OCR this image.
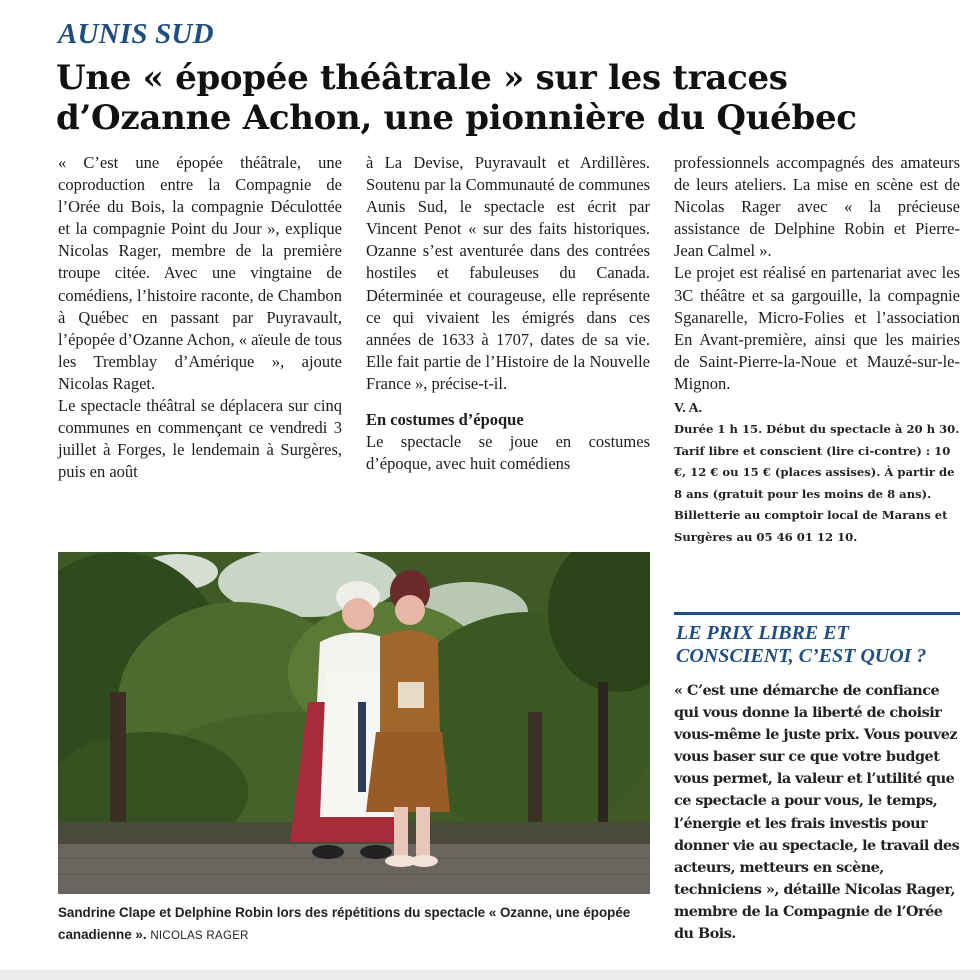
AUNIS SUD
Une « épopée théâtrale » sur les traces d’Ozanne Achon, une pionnière du Québec

« C’est une épopée théâtrale, une coproduction entre la Compagnie de l’Orée du Bois, la compagnie Déculottée et la compagnie Point du Jour », explique Nicolas Rager, membre de la première troupe citée. Avec une vingtaine de comédiens, l’histoire raconte, de Chambon à Québec en passant par Puyravault, l’épopée d’Ozanne Achon, « aïeule de tous les Tremblay d’Amérique », ajoute Nicolas Raget.

Le spectacle théâtral se déplacera sur cinq communes en commençant ce vendredi 3 juillet à Forges, le lendemain à Surgères, puis en août

à La Devise, Puyravault et Ardillères. Soutenu par la Communauté de communes Aunis Sud, le spectacle est écrit par Vincent Penot « sur des faits historiques. Ozanne s’est aventurée dans des contrées hostiles et fabuleuses du Canada. Déterminée et courageuse, elle représente ce qui vivaient les émigrés dans ces années de 1633 à 1707, dates de sa vie. Elle fait partie de l’Histoire de la Nouvelle France », précise-t-il.

En costumes d’époque

Le spectacle se joue en costumes d’époque, avec huit comédiens

professionnels accompagnés des amateurs de leurs ateliers. La mise en scène est de Nicolas Rager avec « la précieuse assistance de Delphine Robin et Pierre-Jean Calmel ».

Le projet est réalisé en partenariat avec les 3C théâtre et sa gargouille, la compagnie Sganarelle, Micro-Folies et l’association En Avant-première, ainsi que les mairies de Saint-Pierre-la-Noue et Mauzé-sur-le-Mignon.

V. A.
Durée 1 h 15. Début du spectacle à 20 h 30. Tarif libre et conscient (lire ci-contre) : 10 €, 12 € ou 15 € (places assises). À partir de 8 ans (gratuit pour les moins de 8 ans). Billetterie au comptoir local de Marans et Surgères au 05 46 01 12 10.
LE PRIX LIBRE ET CONSCIENT, C’EST QUOI ?
« C’est une démarche de confiance qui vous donne la liberté de choisir vous-même le juste prix. Vous pouvez vous baser sur ce que votre budget vous permet, la valeur et l’utilité que ce spectacle a pour vous, le temps, l’énergie et les frais investis pour donner vie au spectacle, le travail des acteurs, metteurs en scène, techniciens », détaille Nicolas Rager, membre de la Compagnie de l’Orée du Bois.
Sandrine Clape et Delphine Robin lors des répétitions du spectacle « Ozanne, une épopée canadienne ». NICOLAS RAGER
